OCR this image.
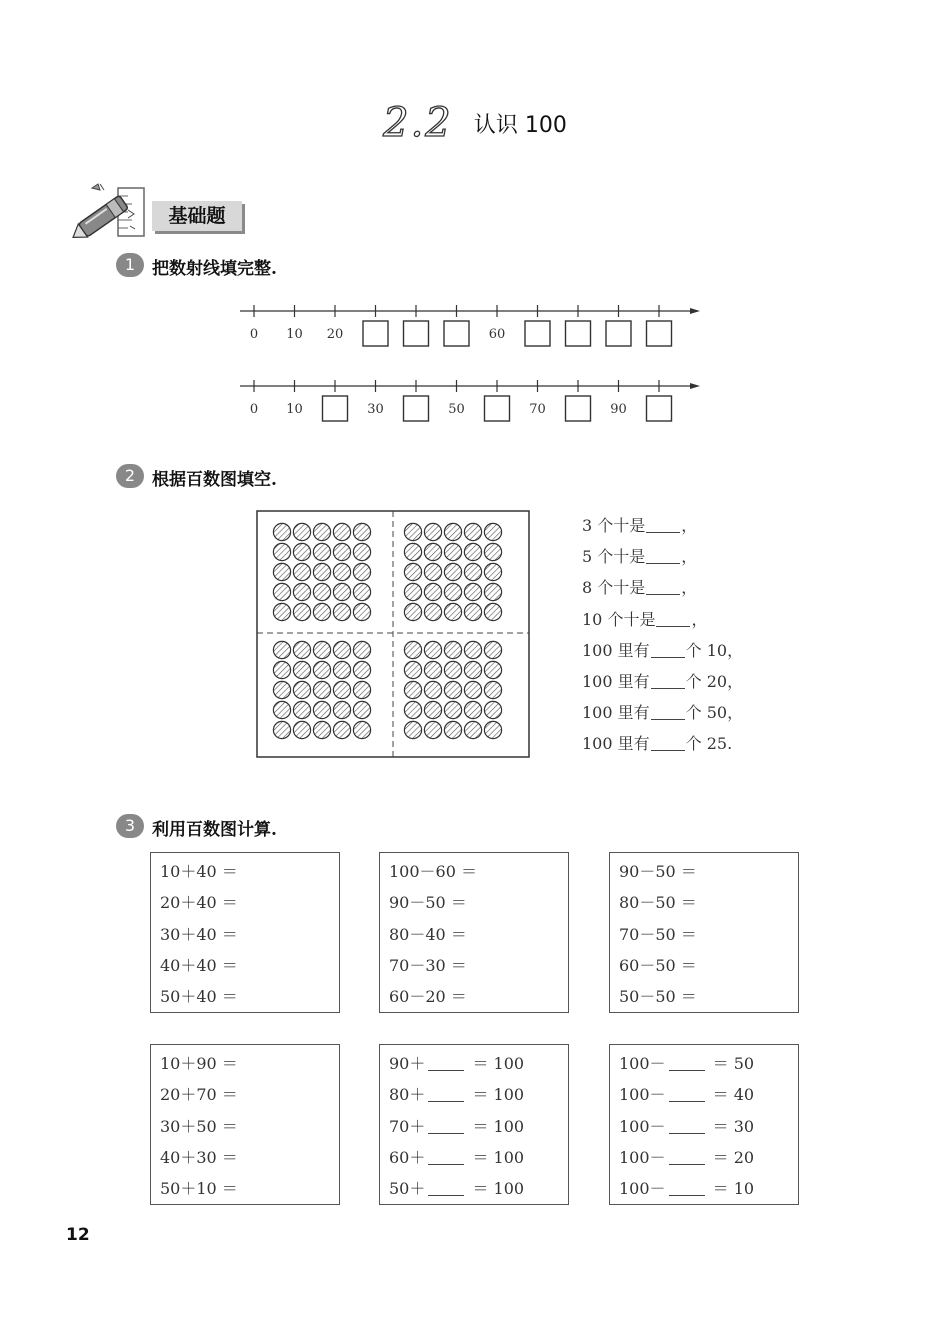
2.2 认识 100
基础题
1 把数射线填完整.
0 10 20	60
0 10	30	50	70	90
2 根据百数图填空.
3 个十是 ，
5 个十是 ，
8 个十是 ，
10 个十是 ，
100 里有 个 10，
100 里有 个 20，
100 里有 个 50，
100 里有 个 25.
3 利用百数图计算.
10＋40 ＝
20＋40 ＝
30＋40 ＝
40＋40 ＝
50＋40 ＝
100－60 ＝
90－50 ＝
80－40 ＝
70－30 ＝
60－20 ＝
90－50 ＝
80－50 ＝
70－50 ＝
60－50 ＝
50－50 ＝
10＋90 ＝
20＋70 ＝
30＋50 ＝
40＋30 ＝
50＋10 ＝
90＋	＝ 100
80＋	＝ 100
70＋	＝ 100
60＋	＝ 100
50＋	＝ 100
100－	＝ 50
100－	＝ 40
100－	＝ 30
100－	＝ 20
100－	＝ 10
12
